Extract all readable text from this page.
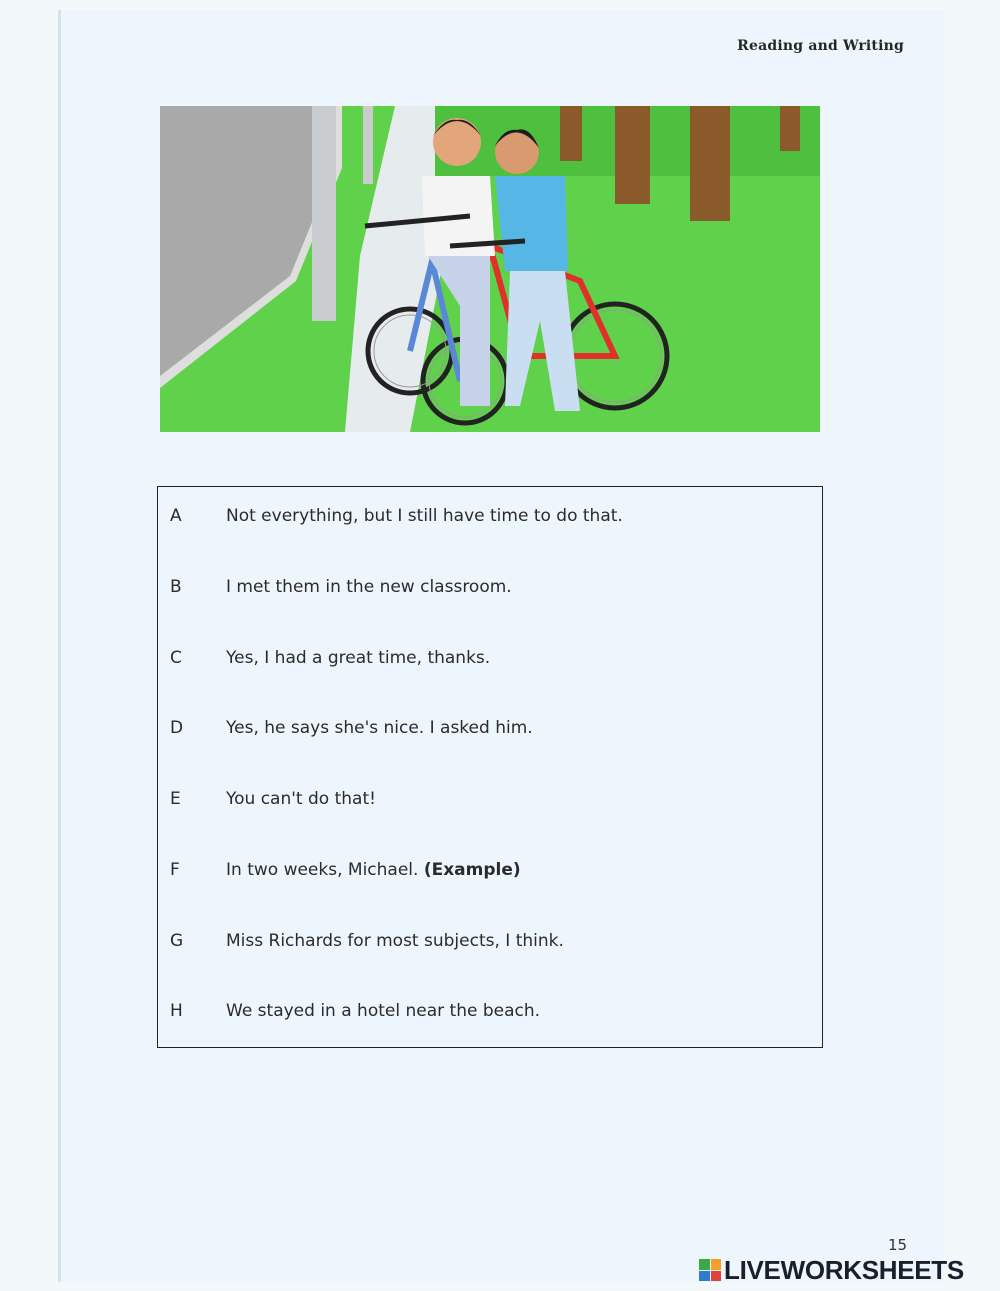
Reading and Writing
A	Not everything, but I still have time to do that.
B	I met them in the new classroom.
C	Yes, I had a great time, thanks.
D	Yes, he says she's nice. I asked him.
E	You can't do that!
F	In two weeks, Michael. (Example)
G	Miss Richards for most subjects, I think.
H	We stayed in a hotel near the beach.
15
LIVEWORKSHEETS
